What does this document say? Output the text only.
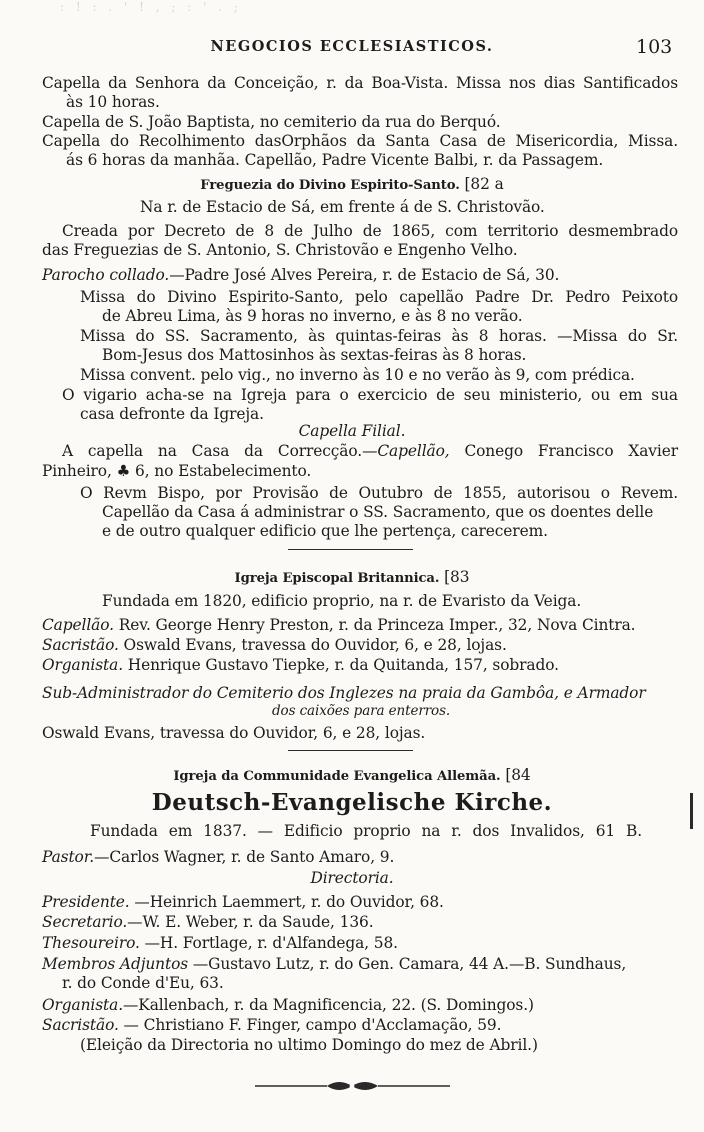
: ! : . ' ! , ; : ' . ;
NEGOCIOS ECCLESIASTICOS.	103
Capella da Senhora da Conceição, r. da Boa-Vista. Missa nos dias Santificados
às 10 horas.
Capella de S. João Baptista, no cemiterio da rua do Berquó.
Capella do Recolhimento dasOrphãos da Santa Casa de Misericordia, Missa.
ás 6 horas da manhãa. Capellão, Padre Vicente Balbi, r. da Passagem.
Na r. de Estacio de Sá, em frente á de S. Christovão.
Creada por Decreto de 8 de Julho de 1865, com territorio desmembrado
das Freguezias de S. Antonio, S. Christovão e Engenho Velho.
Parocho collado.—Padre José Alves Pereira, r. de Estacio de Sá, 30.
Missa do Divino Espirito-Santo, pelo capellão Padre Dr. Pedro Peixoto
de Abreu Lima, às 9 horas no inverno, e às 8 no verão.
Missa do SS. Sacramento, às quintas-feiras às 8 horas. —Missa do Sr.
Bom-Jesus dos Mattosinhos às sextas-feiras às 8 horas.
Missa convent. pelo vig., no inverno às 10 e no verão às 9, com prédica.
O vigario acha-se na Igreja para o exercicio de seu ministerio, ou em sua
casa defronte da Igreja.
A capella na Casa da Correcção.—Capellão, Conego Francisco Xavier
Pinheiro, ♣ 6, no Estabelecimento.
O Revm Bispo, por Provisão de Outubro de 1855, autorisou o Revem.
Capellão da Casa á administrar o SS. Sacramento, que os doentes delle
e de outro qualquer edificio que lhe pertença, carecerem.
Fundada em 1820, edificio proprio, na r. de Evaristo da Veiga.
Capellão. Rev. George Henry Preston, r. da Princeza Imper., 32, Nova Cintra.
Sacristão. Oswald Evans, travessa do Ouvidor, 6, e 28, lojas.
Organista. Henrique Gustavo Tiepke, r. da Quitanda, 157, sobrado.
Sub-Administrador do Cemiterio dos Inglezes na praia da Gambôa, e Armador
dos caixões para enterros.
Oswald Evans, travessa do Ouvidor, 6, e 28, lojas.
Fundada em 1837. — Edificio proprio na r. dos Invalidos, 61 B.
Pastor.—Carlos Wagner, r. de Santo Amaro, 9.
Presidente. —Heinrich Laemmert, r. do Ouvidor, 68.
Secretario.—W. E. Weber, r. da Saude, 136.
Thesoureiro. —H. Fortlage, r. d'Alfandega, 58.
Membros Adjuntos —Gustavo Lutz, r. do Gen. Camara, 44 A.—B. Sundhaus,
r. do Conde d'Eu, 63.
Organista.—Kallenbach, r. da Magnificencia, 22. (S. Domingos.)
Sacristão. — Christiano F. Finger, campo d'Acclamação, 59.
(Eleição da Directoria no ultimo Domingo do mez de Abril.)
Freguezia do Divino Espirito-Santo. [82 a
Capella Filial.
Igreja Episcopal Britannica. [83
Igreja da Communidade Evangelica Allemãa. [84
Deutsch-Evangelische Kirche.
Directoria.
